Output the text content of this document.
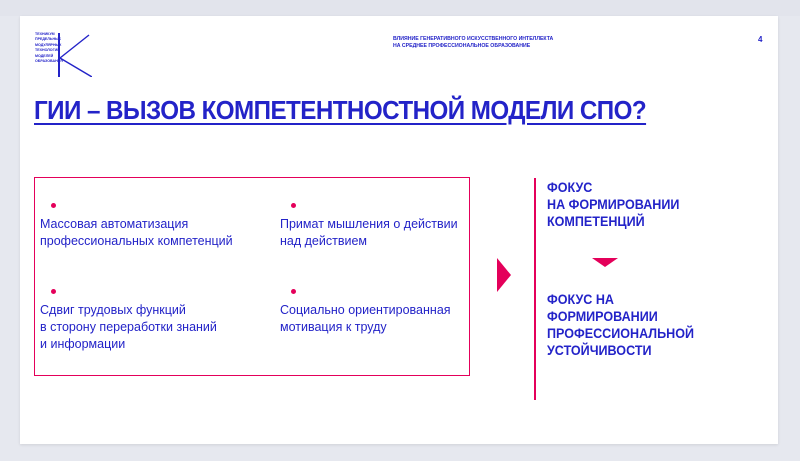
ТЕХНИКУМ
ПРЕДЕЛЬНЫХ
МОДУЛЯРНЫХ
ТЕХНОЛОГИЙ
МОДЕЛЕЙ
ОБРАЗОВАНИЯ
К
ВЛИЯНИЕ ГЕНЕРАТИВНОГО ИСКУССТВЕННОГО ИНТЕЛЛЕКТА
НА СРЕДНЕЕ ПРОФЕССИОНАЛЬНОЕ ОБРАЗОВАНИЕ
4
ГИИ – ВЫЗОВ КОМПЕТЕНТНОСТНОЙ МОДЕЛИ СПО?
Массовая автоматизация
профессиональных компетенций
Примат мышления о действии
над действием
Сдвиг трудовых функций
в сторону переработки знаний
и информации
Социально ориентированная
мотивация к труду

ФОКУС
НА ФОРМИРОВАНИИ
КОМПЕТЕНЦИЙ

ФОКУС НА
ФОРМИРОВАНИИ
ПРОФЕССИОНАЛЬНОЙ
УСТОЙЧИВОСТИ
